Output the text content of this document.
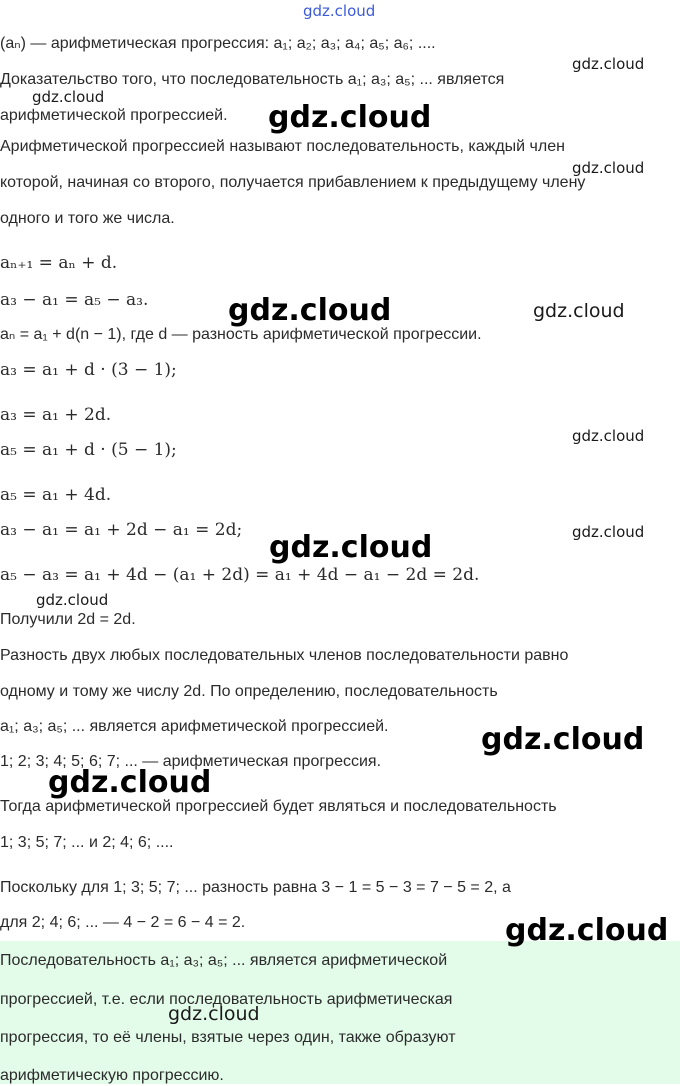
(aₙ) — арифметическая прогрессия: a₁; a₂; a₃; a₄; a₅; a₆; ....
Доказательство того, что последовательность a₁; a₃; a₅; ... является
арифметической прогрессией.
Арифметической прогрессией называют последовательность, каждый член
которой, начиная со второго, получается прибавлением к предыдущему члену
одного и того же числа.
aₙ₊₁ = aₙ + d.
a₃ − a₁ = a₅ − a₃.
aₙ = a₁ + d(n − 1), где d — разность арифметической прогрессии.
a₃ = a₁ + d · (3 − 1);
a₃ = a₁ + 2d.
a₅ = a₁ + d · (5 − 1);
a₅ = a₁ + 4d.
a₃ − a₁ = a₁ + 2d − a₁ = 2d;
a₅ − a₃ = a₁ + 4d − (a₁ + 2d) = a₁ + 4d − a₁ − 2d = 2d.
Получили 2d = 2d.
Разность двух любых последовательных членов последовательности равно
одному и тому же числу 2d. По определению, последовательность
a₁; a₃; a₅; ... является арифметической прогрессией.
1; 2; 3; 4; 5; 6; 7; ... — арифметическая прогрессия.
Тогда арифметической прогрессией будет являться и последовательность
1; 3; 5; 7; ... и 2; 4; 6; ....
Поскольку для 1; 3; 5; 7; ... разность равна 3 − 1 = 5 − 3 = 7 − 5 = 2, а
для 2; 4; 6; ... — 4 − 2 = 6 − 4 = 2.
Последовательность a₁; a₃; a₅; ... является арифметической
прогрессией, т.е. если последовательность арифметическая
прогрессия, то её члены, взятые через один, также образуют
арифметическую прогрессию.
gdz.cloud
gdz.cloud
gdz.cloud
gdz.cloud
gdz.cloud
gdz.cloud	gdz.cloud
gdz.cloud
gdz.cloud
gdz.cloud
gdz.cloud
gdz.cloud
gdz.cloud
gdz.cloud
gdz.cloud
